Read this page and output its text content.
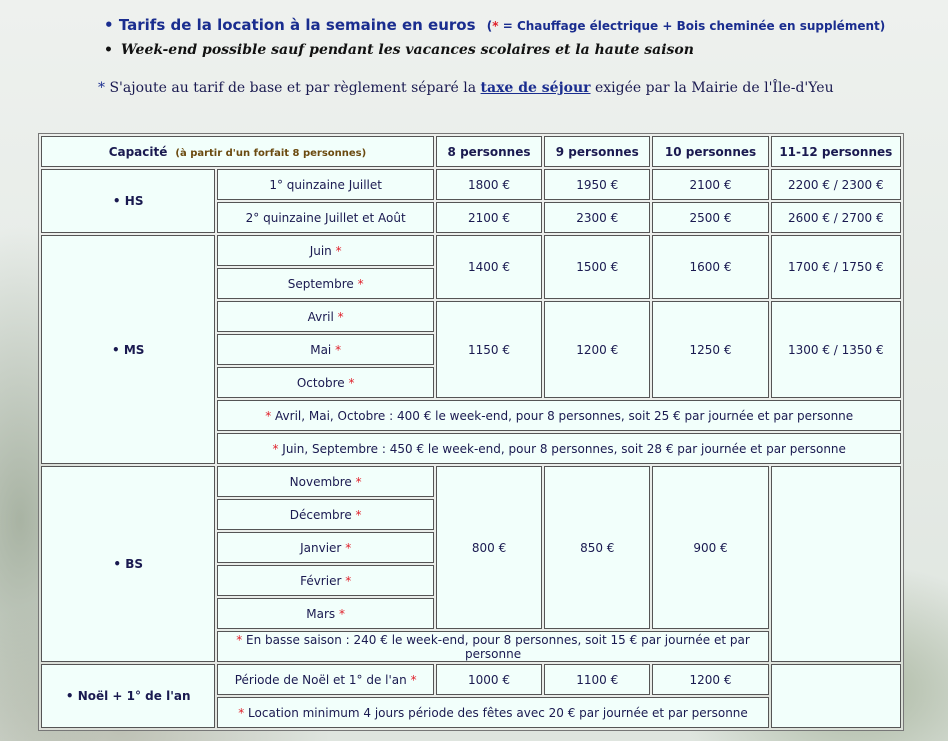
• Tarifs de la location à la semaine en euros (* = Chauffage électrique + Bois cheminée en supplément)
• Week-end possible sauf pendant les vacances scolaires et la haute saison
* S'ajoute au tarif de base et par règlement séparé la taxe de séjour exigée par la Mairie de l'Île-d'Yeu
Capacité (à partir d'un forfait 8 personnes)		8 personnes	9 personnes	10 personnes	11-12 personnes
• HS	1° quinzaine Juillet	1800 €	1950 €	2100 €	2200 € / 2300 €
	2° quinzaine Juillet et Août	2100 €	2300 €	2500 €	2600 € / 2700 €
• MS	Juin *	1400 €	1500 €	1600 €	1700 € / 1750 €
	Septembre *				
	Avril *	1150 €	1200 €	1250 €	1300 € / 1350 €
	Mai *				
	Octobre *				
	* Avril, Mai, Octobre : 400 € le week-end, pour 8 personnes, soit 25 € par journée et par personne				
	* Juin, Septembre : 450 € le week-end, pour 8 personnes, soit 28 € par journée et par personne				
• BS	Novembre *	800 €	850 €	900 €	
	Décembre *				
	Janvier *				
	Février *				
	Mars *				
	* En basse saison : 240 € le week-end, pour 8 personnes, soit 15 € par journée et par personne				
• Noël + 1° de l'an	Période de Noël et 1° de l'an *	1000 €	1100 €	1200 €	
	* Location minimum 4 jours période des fêtes avec 20 € par journée et par personne				
